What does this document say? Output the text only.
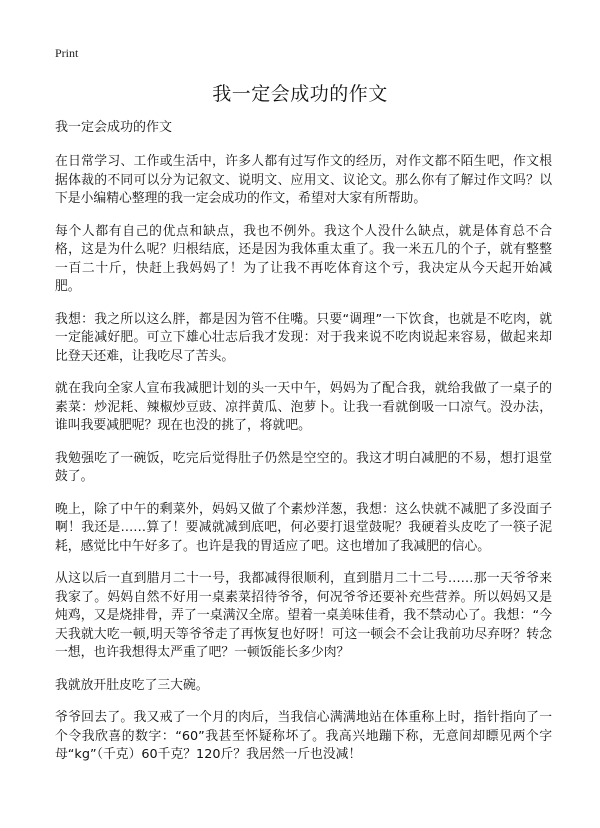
Print
我一定会成功的作文

我一定会成功的作文

在日常学习、工作或生活中，许多人都有过写作文的经历，对作文都不陌生吧，作文根据体裁的不同可以分为记叙文、说明文、应用文、议论文。那么你有了解过作文吗？以下是小编精心整理的我一定会成功的作文，希望对大家有所帮助。

每个人都有自己的优点和缺点，我也不例外。我这个人没什么缺点，就是体育总不合格，这是为什么呢？归根结底，还是因为我体重太重了。我一米五几的个子，就有整整一百二十斤，快赶上我妈妈了！为了让我不再吃体育这个亏，我决定从今天起开始减肥。

我想：我之所以这么胖，都是因为管不住嘴。只要“调理”一下饮食，也就是不吃肉，就一定能减好肥。可立下雄心壮志后我才发现：对于我来说不吃肉说起来容易，做起来却比登天还难，让我吃尽了苦头。

就在我向全家人宣布我减肥计划的头一天中午，妈妈为了配合我，就给我做了一桌子的素菜：炒泥耗、辣椒炒豆豉、凉拌黄瓜、泡萝卜。让我一看就倒吸一口凉气。没办法，谁叫我要减肥呢？现在也没的挑了，将就吧。

我勉强吃了一碗饭，吃完后觉得肚子仍然是空空的。我这才明白减肥的不易，想打退堂鼓了。

晚上，除了中午的剩菜外，妈妈又做了个素炒洋葱，我想：这么快就不减肥了多没面子啊！我还是……算了！要减就减到底吧，何必要打退堂鼓呢？我硬着头皮吃了一筷子泥耗，感觉比中午好多了。也许是我的胃适应了吧。这也增加了我减肥的信心。

从这以后一直到腊月二十一号，我都减得很顺利，直到腊月二十二号……那一天爷爷来我家了。妈妈自然不好用一桌素菜招待爷爷，何况爷爷还要补充些营养。所以妈妈又是炖鸡，又是烧排骨，弄了一桌满汉全席。望着一桌美味佳肴，我不禁动心了。我想：“今天我就大吃一顿,明天等爷爷走了再恢复也好呀！可这一顿会不会让我前功尽弃呀？转念一想，也许我想得太严重了吧？一顿饭能长多少肉？

我就放开肚皮吃了三大碗。

爷爷回去了。我又戒了一个月的肉后，当我信心满满地站在体重称上时，指针指向了一个令我欣喜的数字：“60”我甚至怀疑称坏了。我高兴地蹦下称，无意间却瞟见两个字母“kg”（千克）60千克？120斤？我居然一斤也没减！
